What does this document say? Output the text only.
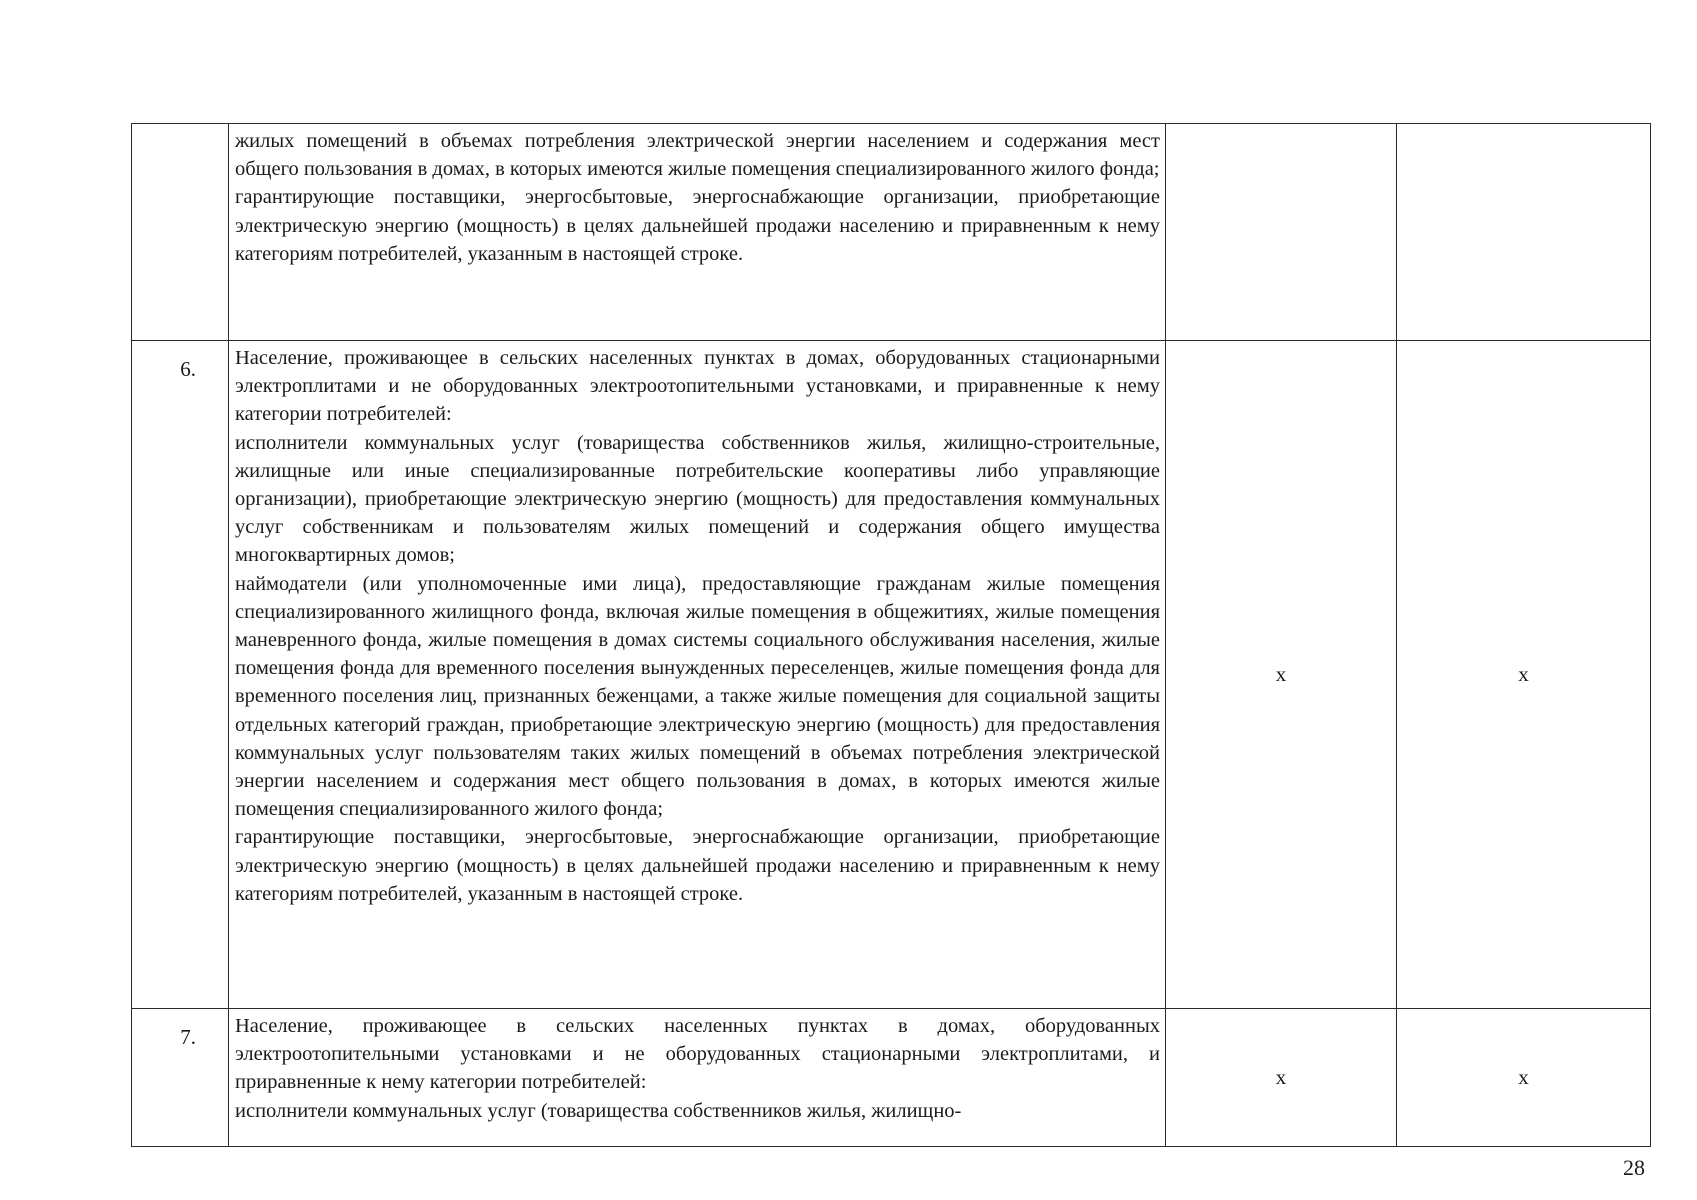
	жилых помещений в объемах потребления электрической энергии населением и содержания мест общего пользования в домах, в которых имеются жилые помещения специализированного жилого фонда;

гарантирующие поставщики, энергосбытовые, энергоснабжающие организации, приобретающие электрическую энергию (мощность) в целях дальнейшей продажи населению и приравненным к нему категориям потребителей, указанным в настоящей строке.		

6.	Население, проживающее в сельских населенных пунктах в домах, оборудованных стационарными электроплитами и не оборудованных электроотопительными установками, и приравненные к нему категории потребителей:

исполнители коммунальных услуг (товарищества собственников жилья, жилищно-строительные, жилищные или иные специализированные потребительские кооперативы либо управляющие организации), приобретающие электрическую энергию (мощность) для предоставления коммунальных услуг собственникам и пользователям жилых помещений и содержания общего имущества многоквартирных домов;

наймодатели (или уполномоченные ими лица), предоставляющие гражданам жилые помещения специализированного жилищного фонда, включая жилые помещения в общежитиях, жилые помещения маневренного фонда, жилые помещения в домах системы социального обслуживания населения, жилые помещения фонда для временного поселения вынужденных переселенцев, жилые помещения фонда для временного поселения лиц, признанных беженцами, а также жилые помещения для социальной защиты отдельных категорий граждан, приобретающие электрическую энергию (мощность) для предоставления коммунальных услуг пользователям таких жилых помещений в объемах потребления электрической энергии населением и содержания мест общего пользования в домах, в которых имеются жилые помещения специализированного жилого фонда;

гарантирующие поставщики, энергосбытовые, энергоснабжающие организации, приобретающие электрическую энергию (мощность) в целях дальнейшей продажи населению и приравненным к нему категориям потребителей, указанным в настоящей строке.	х	х
7.	Население, проживающее в сельских населенных пунктах в домах, оборудованных электроотопительными установками и не оборудованных стационарными электроплитами, и приравненные к нему категории потребителей:

исполнители коммунальных услуг (товарищества собственников жилья, жилищно-	х	х
28
